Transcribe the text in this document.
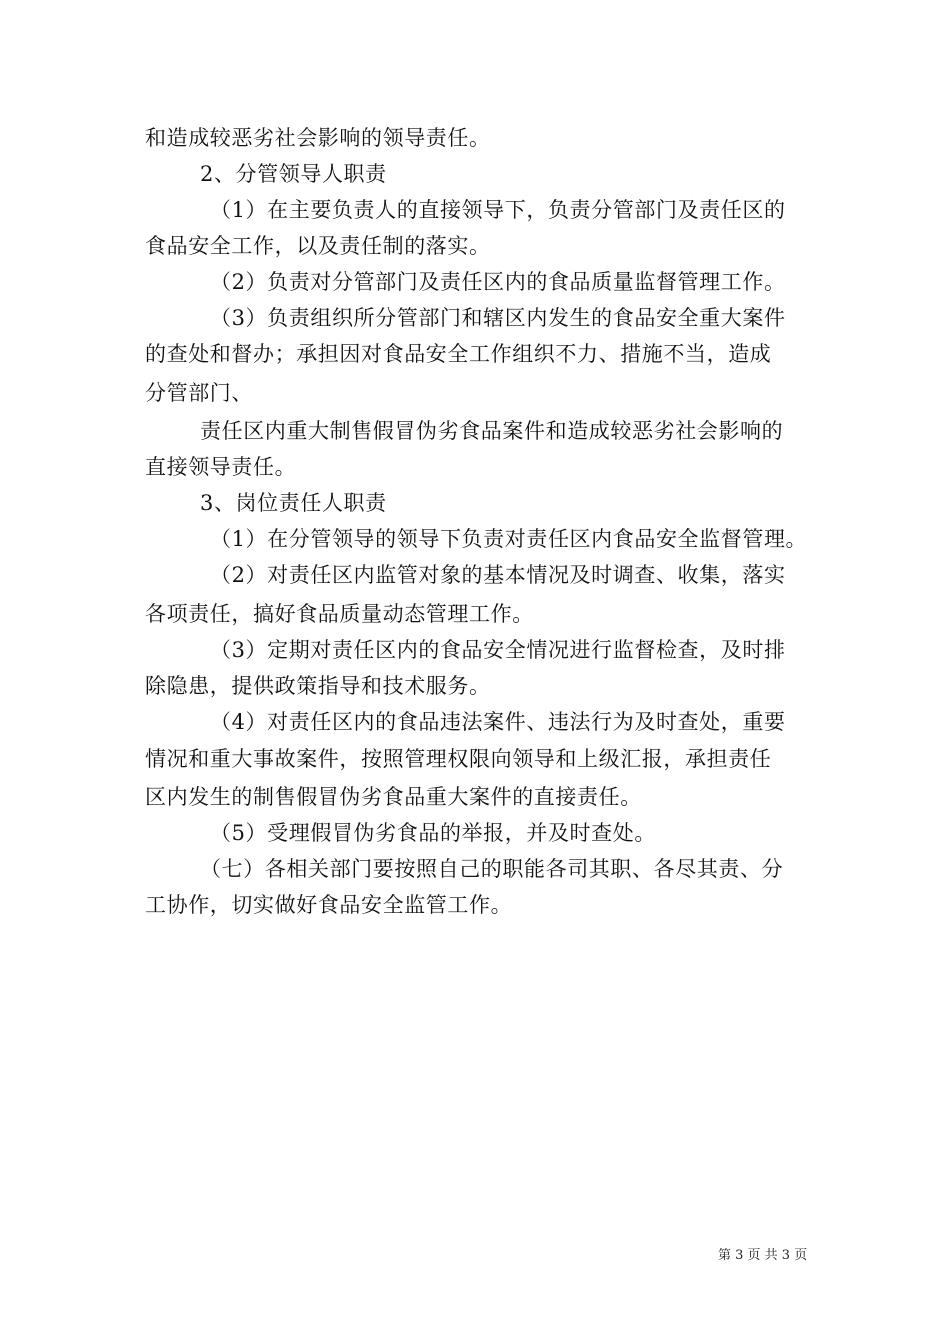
和造成较恶劣社会影响的领导责任。
2、分管领导人职责
（1）在主要负责人的直接领导下，负责分管部门及责任区的
食品安全工作，以及责任制的落实。
（2）负责对分管部门及责任区内的食品质量监督管理工作。
（3）负责组织所分管部门和辖区内发生的食品安全重大案件
的查处和督办；承担因对食品安全工作组织不力、措施不当，造成
分管部门、
责任区内重大制售假冒伪劣食品案件和造成较恶劣社会影响的
直接领导责任。
3、岗位责任人职责
（1）在分管领导的领导下负责对责任区内食品安全监督管理。
（2）对责任区内监管对象的基本情况及时调查、收集，落实
各项责任，搞好食品质量动态管理工作。
（3）定期对责任区内的食品安全情况进行监督检查，及时排
除隐患，提供政策指导和技术服务。
（4）对责任区内的食品违法案件、违法行为及时查处，重要
情况和重大事故案件，按照管理权限向领导和上级汇报，承担责任
区内发生的制售假冒伪劣食品重大案件的直接责任。
（5）受理假冒伪劣食品的举报，并及时查处。
（七）各相关部门要按照自己的职能各司其职、各尽其责、分
工协作，切实做好食品安全监管工作。
第 3 页 共 3 页
